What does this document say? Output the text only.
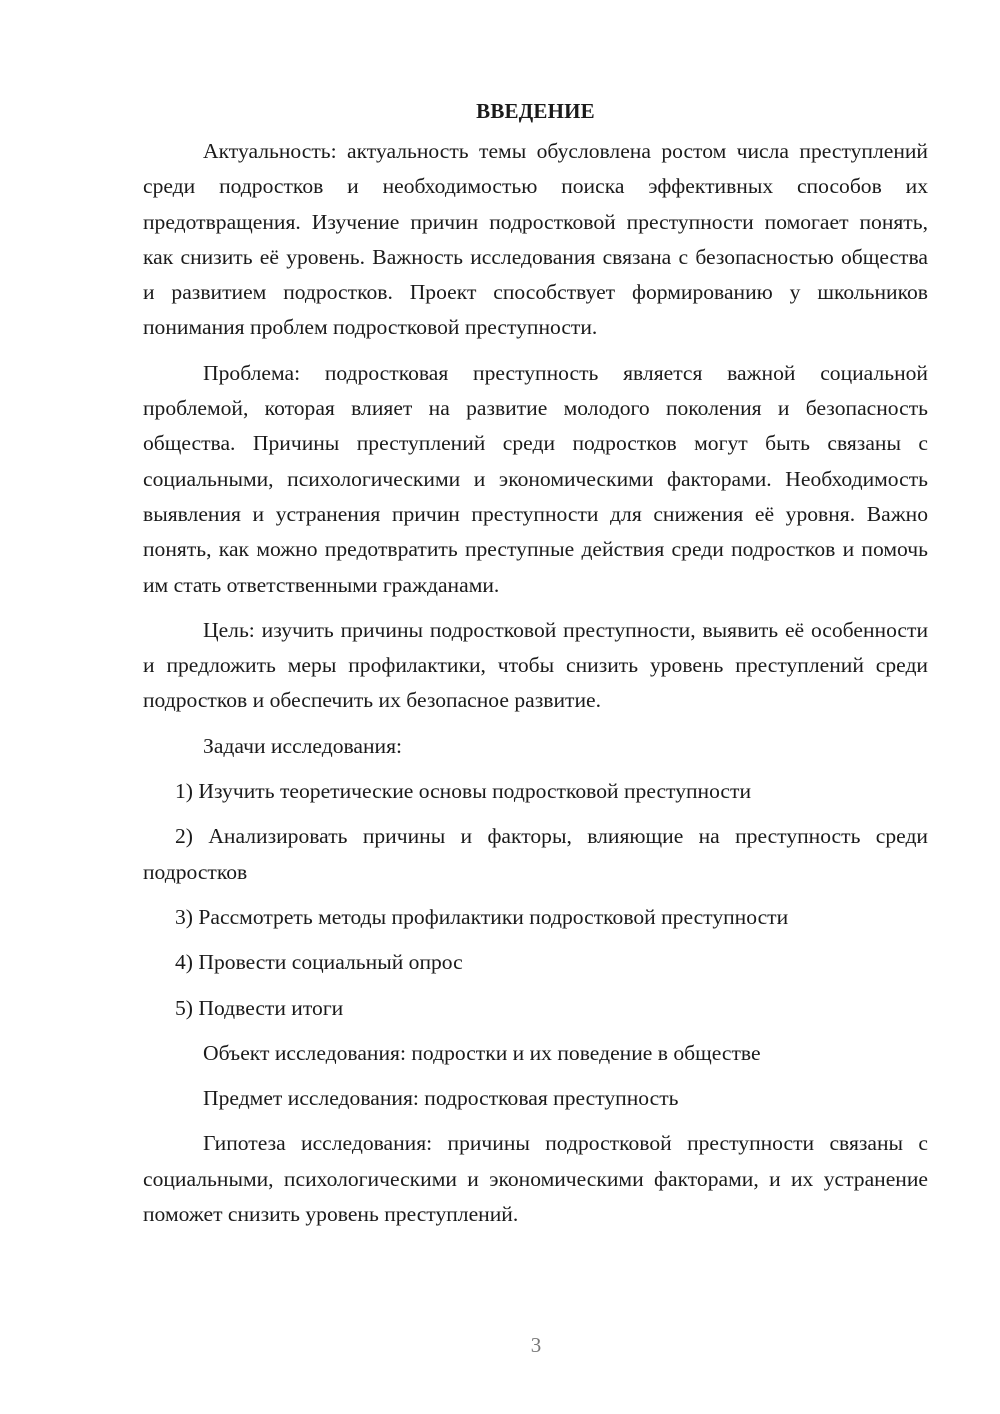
ВВЕДЕНИЕ

Актуальность: актуальность темы обусловлена ростом числа преступлений среди подростков и необходимостью поиска эффективных способов их предотвращения. Изучение причин подростковой преступности помогает понять, как снизить её уровень. Важность исследования связана с безопасностью общества и развитием подростков. Проект способствует формированию у школьников понимания проблем подростковой преступности.

Проблема: подростковая преступность является важной социальной проблемой, которая влияет на развитие молодого поколения и безопасность общества. Причины преступлений среди подростков могут быть связаны с социальными, психологическими и экономическими факторами. Необходимость выявления и устранения причин преступности для снижения её уровня. Важно понять, как можно предотвратить преступные действия среди подростков и помочь им стать ответственными гражданами.

Цель: изучить причины подростковой преступности, выявить её особенности и предложить меры профилактики, чтобы снизить уровень преступлений среди подростков и обеспечить их безопасное развитие.

Задачи исследования:

1) Изучить теоретические основы подростковой преступности

2) Анализировать причины и факторы, влияющие на преступность среди подростков

3) Рассмотреть методы профилактики подростковой преступности

4) Провести социальный опрос

5) Подвести итоги

Объект исследования: подростки и их поведение в обществе

Предмет исследования: подростковая преступность

Гипотеза исследования: причины подростковой преступности связаны с социальными, психологическими и экономическими факторами, и их устранение поможет снизить уровень преступлений.

3
